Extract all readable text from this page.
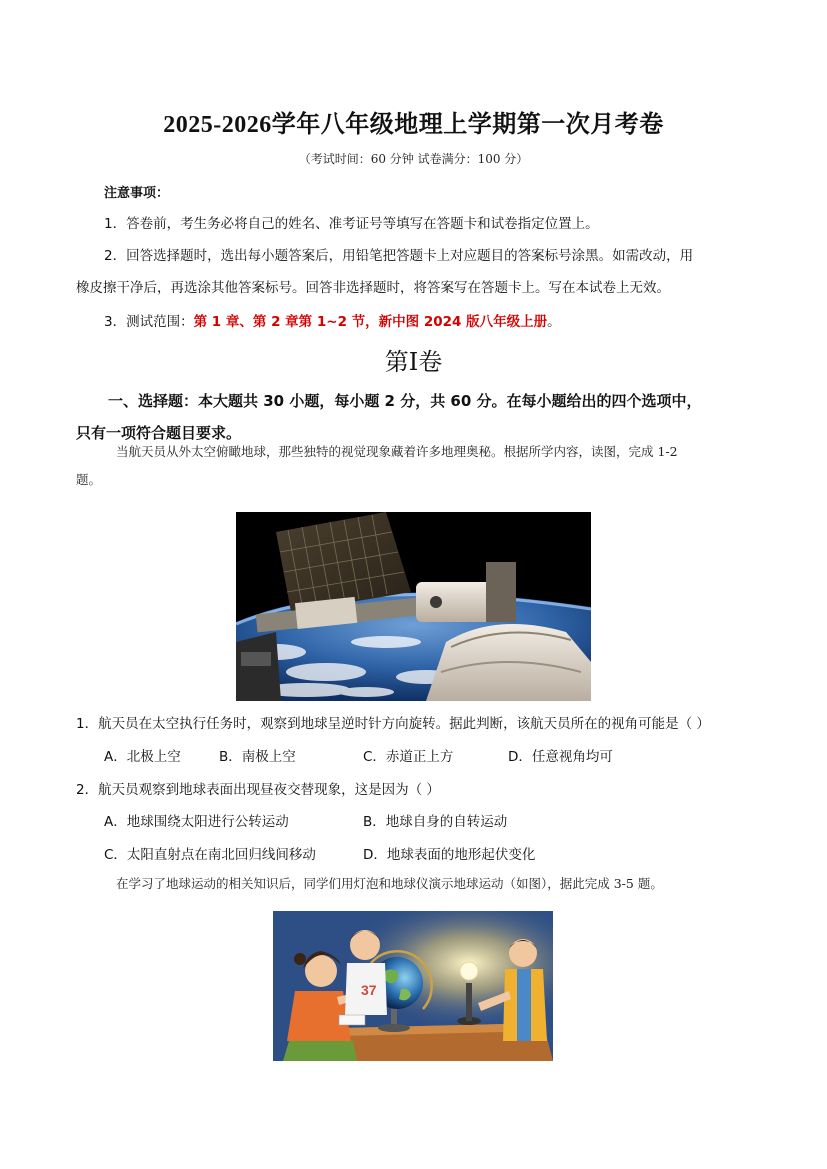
2025-2026学年八年级地理上学期第一次月考卷
（考试时间：60 分钟 试卷满分：100 分）
注意事项：
1．答卷前，考生务必将自己的姓名、准考证号等填写在答题卡和试卷指定位置上。
2．回答选择题时，选出每小题答案后，用铅笔把答题卡上对应题目的答案标号涂黑。如需改动，用
橡皮擦干净后，再选涂其他答案标号。回答非选择题时，将答案写在答题卡上。写在本试卷上无效。
3．测试范围：第 1 章、第 2 章第 1~2 节，新中图 2024 版八年级上册。
第Ⅰ卷
一、选择题：本大题共 30 小题，每小题 2 分，共 60 分。在每小题给出的四个选项中，
只有一项符合题目要求。
当航天员从外太空俯瞰地球，那些独特的视觉现象藏着许多地理奥秘。根据所学内容，读图，完成 1-2
题。
1．航天员在太空执行任务时，观察到地球呈逆时针方向旋转。据此判断，该航天员所在的视角可能是（ ）
A．北极上空	B．南极上空	C．赤道正上方	D．任意视角均可
2．航天员观察到地球表面出现昼夜交替现象，这是因为（ ）
A．地球围绕太阳进行公转运动	B．地球自身的自转运动
C．太阳直射点在南北回归线间移动	D．地球表面的地形起伏变化
在学习了地球运动的相关知识后，同学们用灯泡和地球仪演示地球运动（如图），据此完成 3-5 题。
37
